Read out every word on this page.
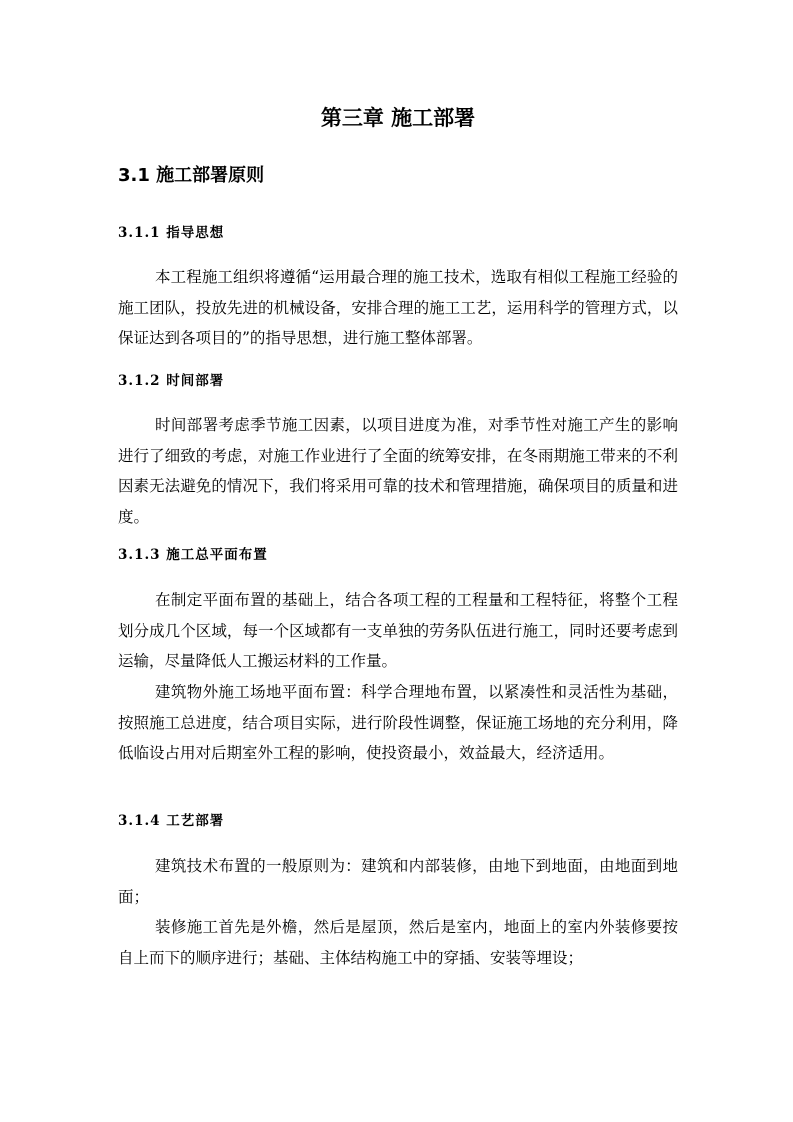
第三章 施工部署
3.1 施工部署原则
3.1.1 指导思想

本工程施工组织将遵循“运用最合理的施工技术，选取有相似工程施工经验的施工团队，投放先进的机械设备，安排合理的施工工艺，运用科学的管理方式，以保证达到各项目的”的指导思想，进行施工整体部署。

3.1.2 时间部署

时间部署考虑季节施工因素，以项目进度为准，对季节性对施工产生的影响进行了细致的考虑，对施工作业进行了全面的统筹安排，在冬雨期施工带来的不利因素无法避免的情况下，我们将采用可靠的技术和管理措施，确保项目的质量和进度。

3.1.3 施工总平面布置

在制定平面布置的基础上，结合各项工程的工程量和工程特征，将整个工程划分成几个区域，每一个区域都有一支单独的劳务队伍进行施工，同时还要考虑到运输，尽量降低人工搬运材料的工作量。

建筑物外施工场地平面布置：科学合理地布置，以紧凑性和灵活性为基础，按照施工总进度，结合项目实际，进行阶段性调整，保证施工场地的充分利用，降低临设占用对后期室外工程的影响，使投资最小，效益最大，经济适用。

3.1.4 工艺部署

建筑技术布置的一般原则为：建筑和内部装修，由地下到地面，由地面到地面；

装修施工首先是外檐，然后是屋顶，然后是室内，地面上的室内外装修要按自上而下的顺序进行；基础、主体结构施工中的穿插、安装等埋设；
